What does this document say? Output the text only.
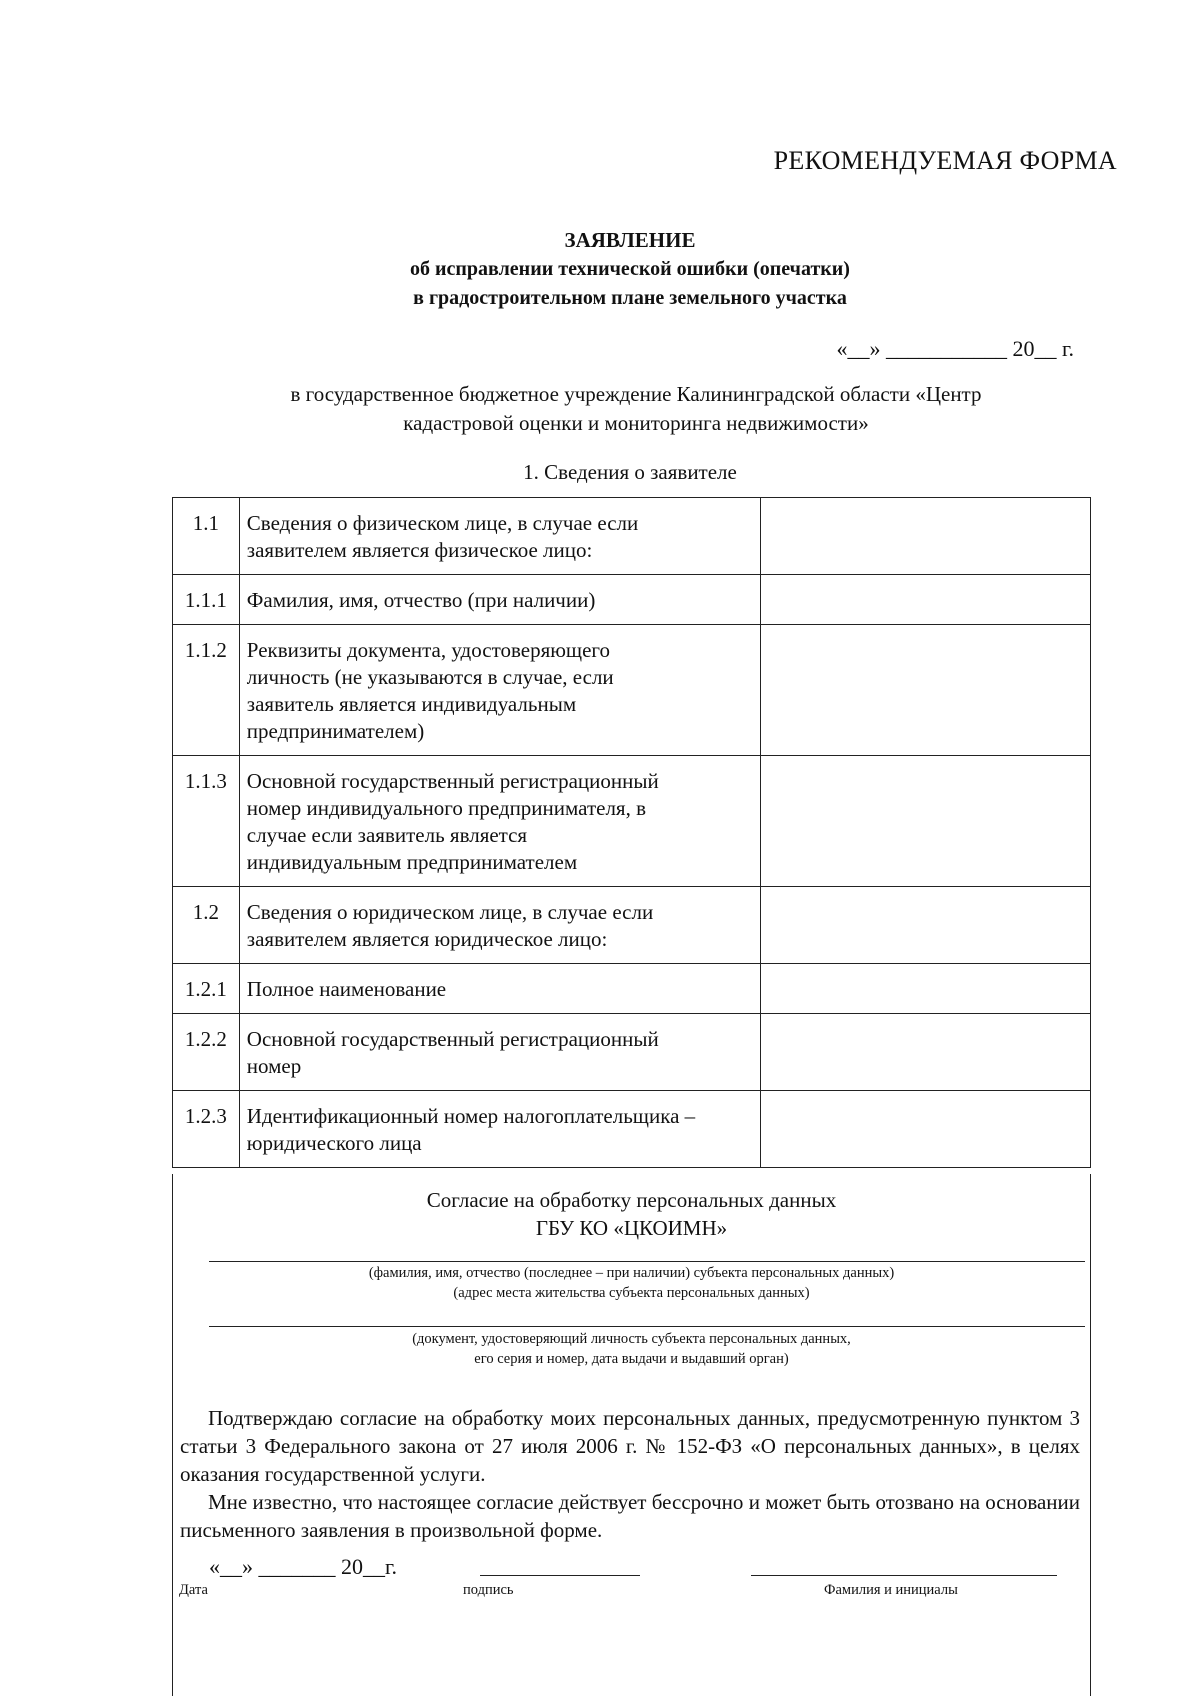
РЕКОМЕНДУЕМАЯ ФОРМА
ЗАЯВЛЕНИЕ
об исправлении технической ошибки (опечатки)
в градостроительном плане земельного участка
«__» ___________ 20__ г.
в государственное бюджетное учреждение Калининградской области «Центр
кадастровой оценки и мониторинга недвижимости»
1. Сведения о заявителе
1.1	Сведения о физическом лице, в случае если
заявителем является физическое лицо:	

1.1.1	Фамилия, имя, отчество (при наличии)	

1.1.2	Реквизиты документа, удостоверяющего
личность (не указываются в случае, если
заявитель является индивидуальным
предпринимателем)	

1.1.3	Основной государственный регистрационный
номер индивидуального предпринимателя, в
случае если заявитель является
индивидуальным предпринимателем	

1.2	Сведения о юридическом лице, в случае если
заявителем является юридическое лицо:	

1.2.1	Полное наименование	

1.2.2	Основной государственный регистрационный
номер	

1.2.3	Идентификационный номер налогоплательщика –
юридического лица	

Согласие на обработку персональных данных
ГБУ КО «ЦКОИМН»
(фамилия, имя, отчество (последнее – при наличии) субъекта персональных данных)
(адрес места жительства субъекта персональных данных)
(документ, удостоверяющий личность субъекта персональных данных,
его серия и номер, дата выдачи и выдавший орган)

Подтверждаю согласие на обработку моих персональных данных, предусмотренную пунктом 3 статьи 3 Федерального закона от 27 июля 2006 г. № 152-ФЗ «О персональных данных», в целях оказания государственной услуги.

Мне известно, что настоящее согласие действует бессрочно и может быть отозвано на основании письменного заявления в произвольной форме.

«__» _______ 20__г.
Дата	подпись	Фамилия и инициалы
